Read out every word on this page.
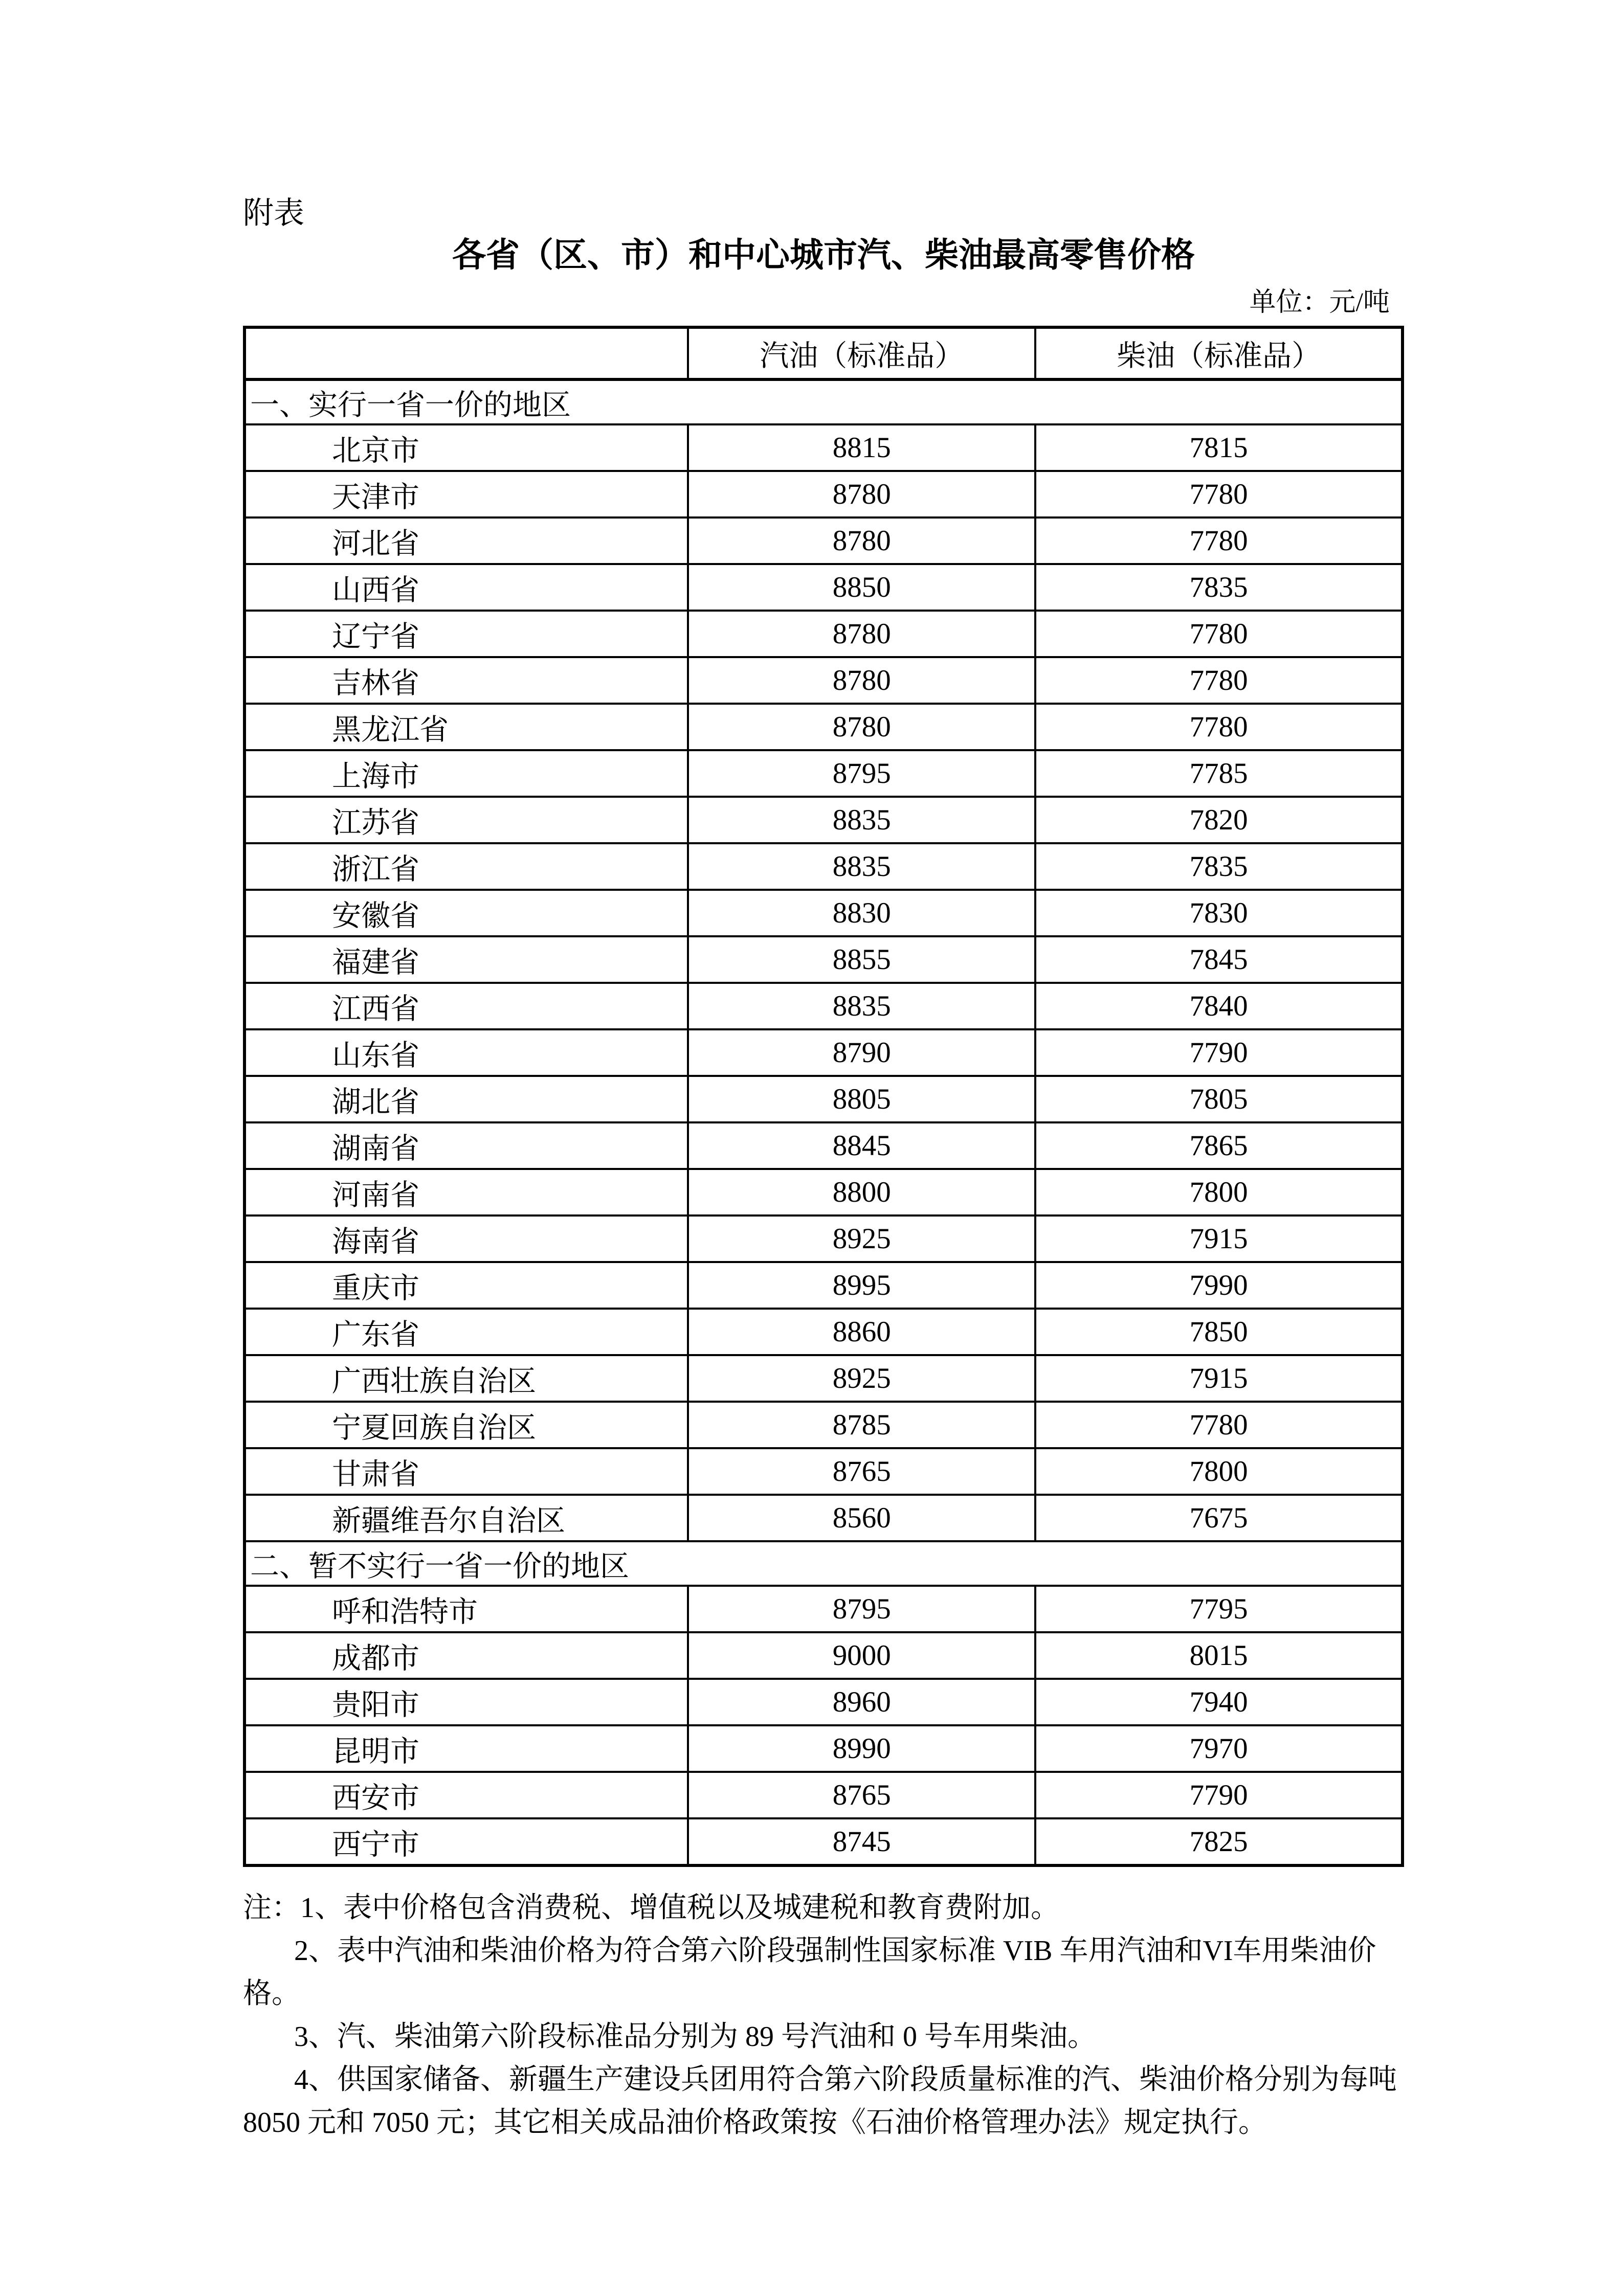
附表
各省（区、市）和中心城市汽、柴油最高零售价格
单位：元/吨
	汽油（标准品）	柴油（标准品）
一、实行一省一价的地区		
北京市	8815	7815
天津市	8780	7780
河北省	8780	7780
山西省	8850	7835
辽宁省	8780	7780
吉林省	8780	7780
黑龙江省	8780	7780
上海市	8795	7785
江苏省	8835	7820
浙江省	8835	7835
安徽省	8830	7830
福建省	8855	7845
江西省	8835	7840
山东省	8790	7790
湖北省	8805	7805
湖南省	8845	7865
河南省	8800	7800
海南省	8925	7915
重庆市	8995	7990
广东省	8860	7850
广西壮族自治区	8925	7915
宁夏回族自治区	8785	7780
甘肃省	8765	7800
新疆维吾尔自治区	8560	7675
二、暂不实行一省一价的地区		
呼和浩特市	8795	7795
成都市	9000	8015
贵阳市	8960	7940
昆明市	8990	7970
西安市	8765	7790
西宁市	8745	7825

注：1、表中价格包含消费税、增值税以及城建税和教育费附加。

2、表中汽油和柴油价格为符合第六阶段强制性国家标准 VIB 车用汽油和VI车用柴油价格。

3、汽、柴油第六阶段标准品分别为 89 号汽油和 0 号车用柴油。

4、供国家储备、新疆生产建设兵团用符合第六阶段质量标准的汽、柴油价格分别为每吨 8050 元和 7050 元；其它相关成品油价格政策按《石油价格管理办法》规定执行。
